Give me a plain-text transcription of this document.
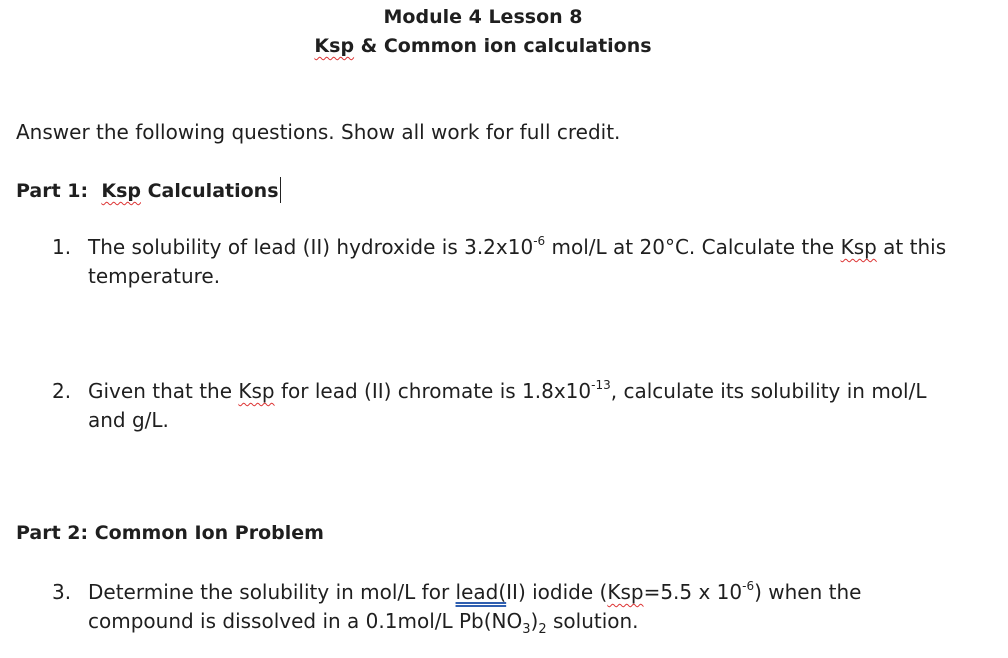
Module 4 Lesson 8
Ksp & Common ion calculations
Answer the following questions. Show all work for full credit.
Part 1: Ksp Calculations
1. The solubility of lead (II) hydroxide is $3.2x10^{-6}$ mol/L at 20°C. Calculate the Ksp at this temperature.
2. Given that the Ksp for lead (II) chromate is $1.8x10^{-13}$, calculate its solubility in mol/L and g/L.
Part 2: Common Ion Problem
3. Determine the solubility in mol/L for lead(II) iodide (Ksp=5.5 x $10^{-6}$) when the compound is dissolved in a 0.1mol/L $Pb(NO_3)_2$ solution.
